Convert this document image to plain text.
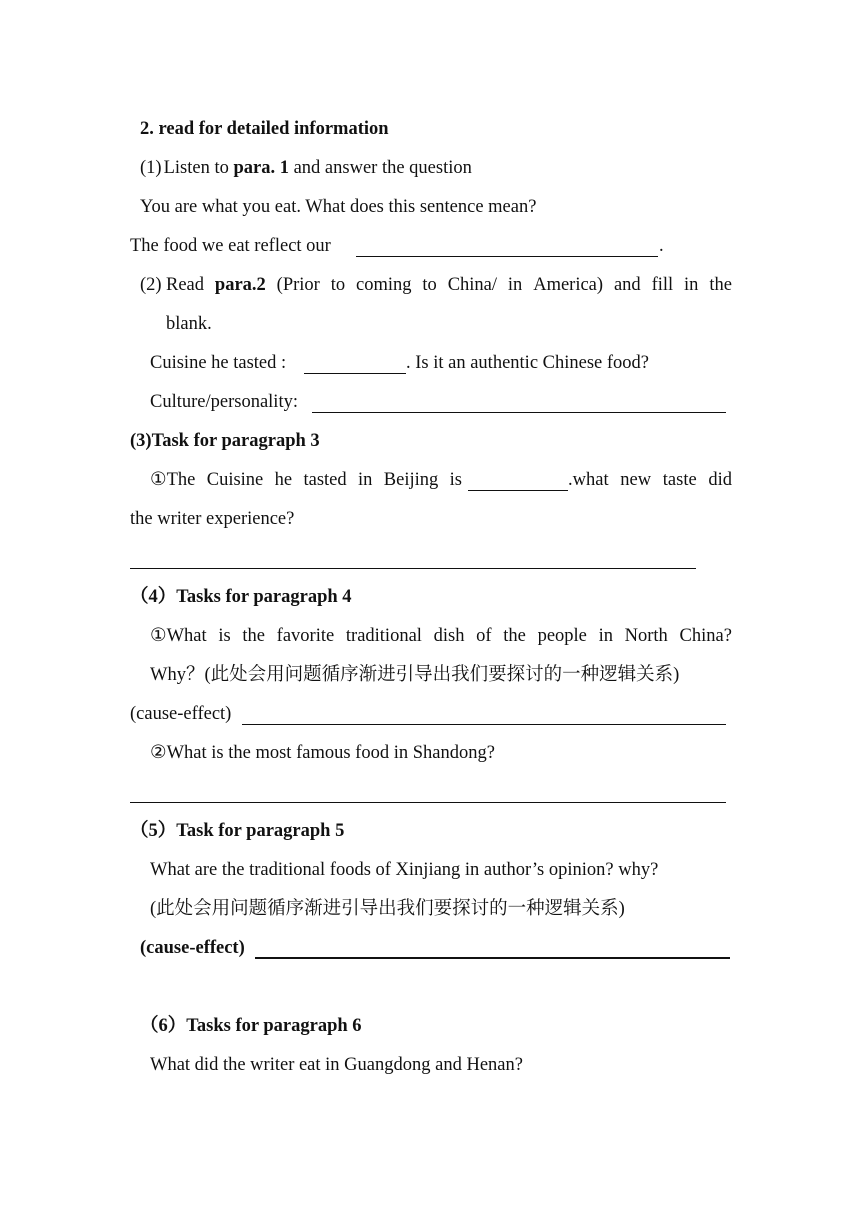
2. read for detailed information
(1) Listen to para. 1 and answer the question
You are what you eat. What does this sentence mean?
The food we eat reflect our	.
(2) Read para.2 (Prior to coming to China/ in America) and fill in the
blank.
Cuisine he tasted :	. Is it an authentic Chinese food?
Culture/personality:
(3)Task for paragraph 3
①The Cuisine he tasted in Beijing is	.what new taste did
the writer experience?
（4）Tasks for paragraph 4
①What is the favorite traditional dish of the people in North China?
Why？(此处会用问题循序渐进引导出我们要探讨的一种逻辑关系)
(cause-effect)
②What is the most famous food in Shandong?
（5）Task for paragraph 5
What are the traditional foods of Xinjiang in author’s opinion? why?
(此处会用问题循序渐进引导出我们要探讨的一种逻辑关系)
(cause-effect)
（6）Tasks for paragraph 6
What did the writer eat in Guangdong and Henan?
